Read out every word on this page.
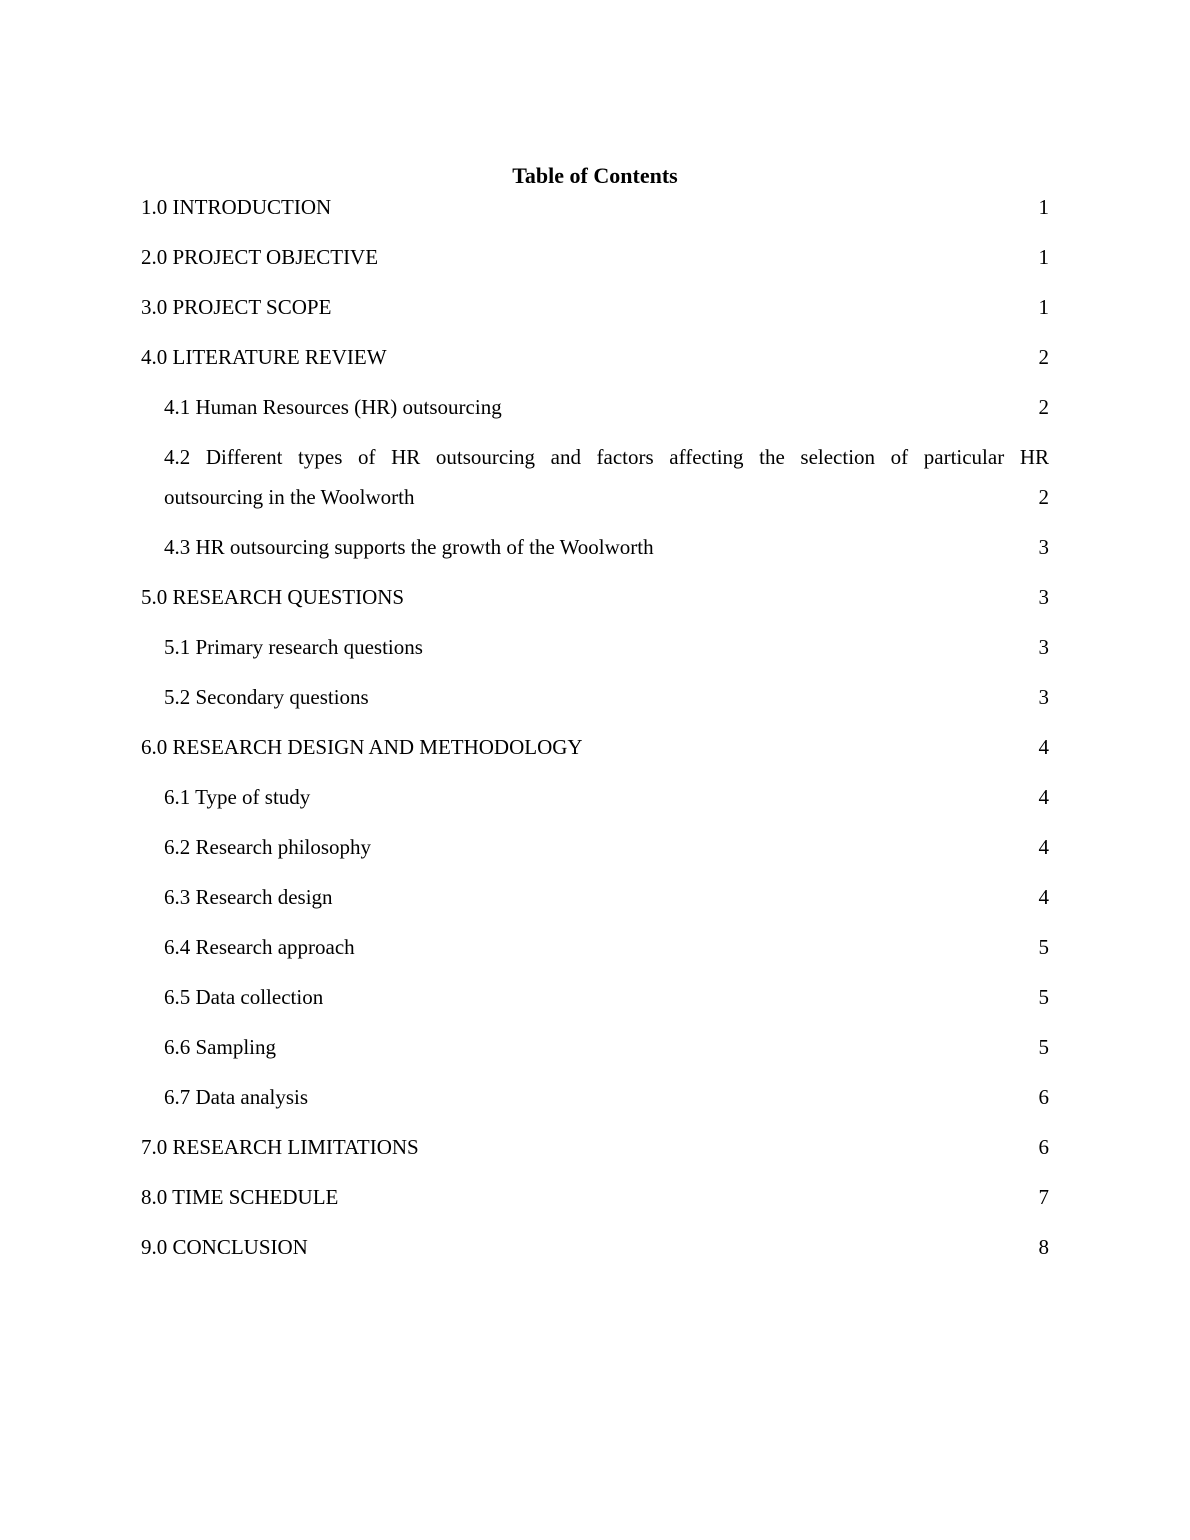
Table of Contents
1.0 INTRODUCTION	1
2.0 PROJECT OBJECTIVE	1
3.0 PROJECT SCOPE	1
4.0 LITERATURE REVIEW	2
4.1 Human Resources (HR) outsourcing	2
4.2 Different types of HR outsourcing and factors affecting the selection of particular HR
outsourcing in the Woolworth	2
4.3 HR outsourcing supports the growth of the Woolworth	3
5.0 RESEARCH QUESTIONS	3
5.1 Primary research questions	3
5.2 Secondary questions	3
6.0 RESEARCH DESIGN AND METHODOLOGY	4
6.1 Type of study	4
6.2 Research philosophy	4
6.3 Research design	4
6.4 Research approach	5
6.5 Data collection	5
6.6 Sampling	5
6.7 Data analysis	6
7.0 RESEARCH LIMITATIONS	6
8.0 TIME SCHEDULE	7
9.0 CONCLUSION	8
